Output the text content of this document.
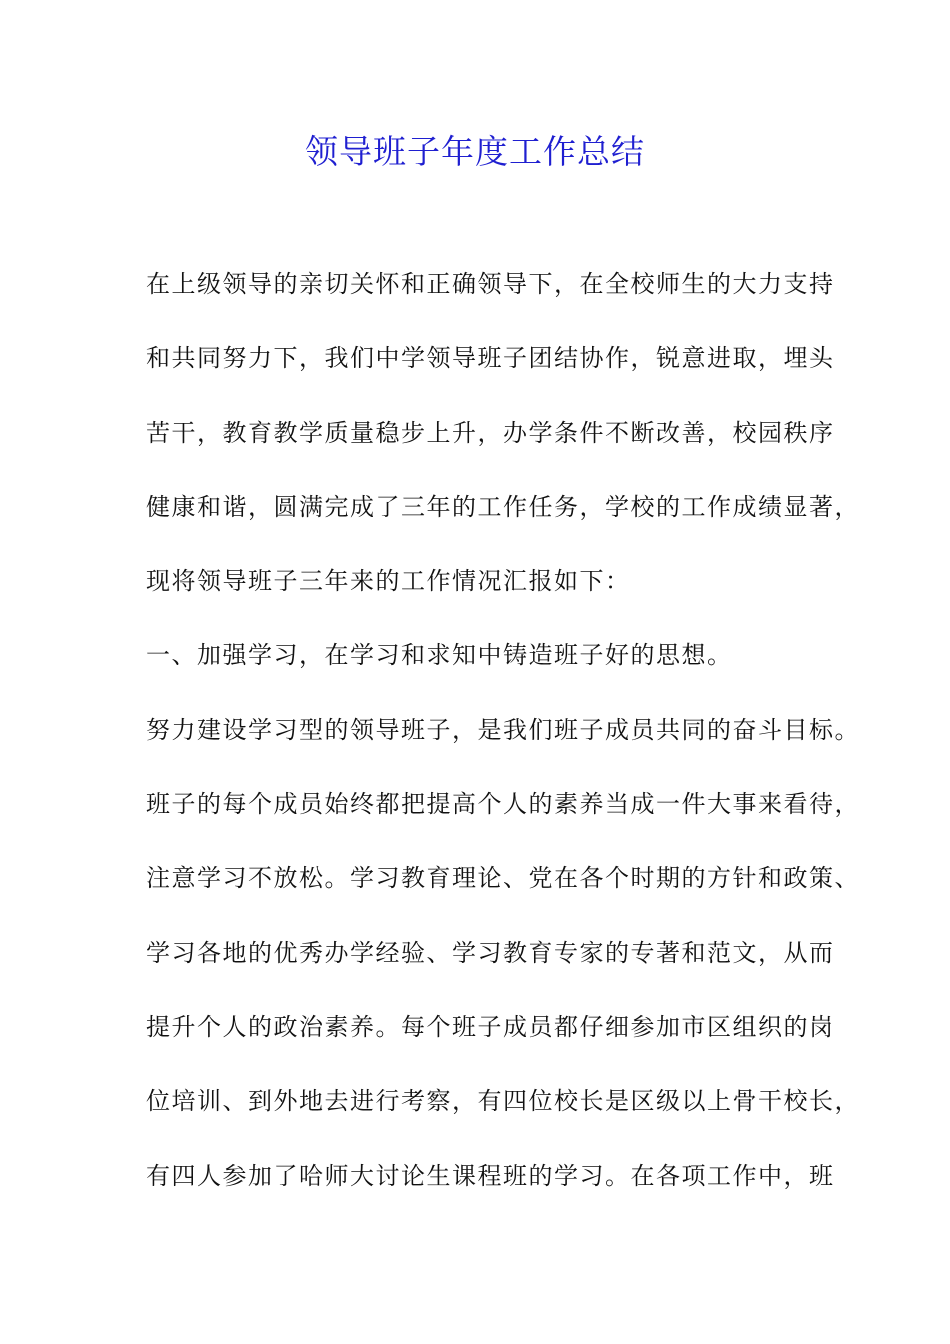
领导班子年度工作总结
在上级领导的亲切关怀和正确领导下，在全校师生的大力支持
和共同努力下，我们中学领导班子团结协作，锐意进取，埋头
苦干，教育教学质量稳步上升，办学条件不断改善，校园秩序
健康和谐，圆满完成了三年的工作任务，学校的工作成绩显著，
现将领导班子三年来的工作情况汇报如下：
一、加强学习，在学习和求知中铸造班子好的思想。
努力建设学习型的领导班子，是我们班子成员共同的奋斗目标。
班子的每个成员始终都把提高个人的素养当成一件大事来看待，
注意学习不放松。学习教育理论、党在各个时期的方针和政策、
学习各地的优秀办学经验、学习教育专家的专著和范文，从而
提升个人的政治素养。每个班子成员都仔细参加市区组织的岗
位培训、到外地去进行考察，有四位校长是区级以上骨干校长，
有四人参加了哈师大讨论生课程班的学习。在各项工作中，班
